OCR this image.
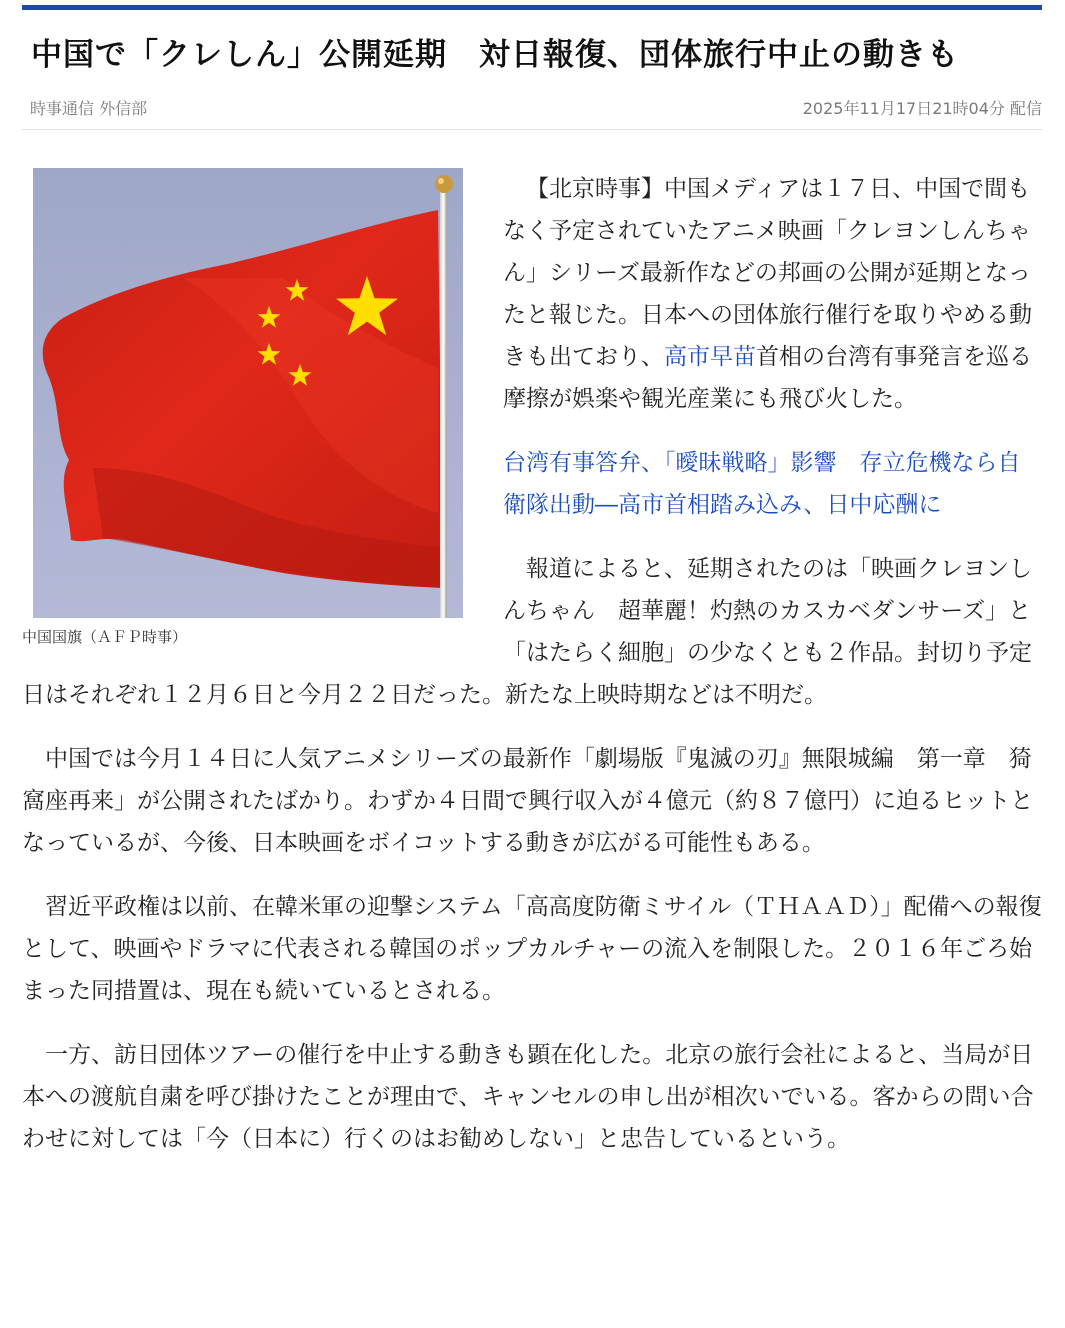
中国で「クレしん」公開延期　対日報復、団体旅行中止の動きも
時事通信 外信部	2025年11月17日21時04分 配信
中国国旗（ＡＦＰ時事）

【北京時事】中国メディアは１７日、中国で間もなく予定されていたアニメ映画「クレヨンしんちゃん」シリーズ最新作などの邦画の公開が延期となったと報じた。日本への団体旅行催行を取りやめる動きも出ており、高市早苗首相の台湾有事発言を巡る摩擦が娯楽や観光産業にも飛び火した。

台湾有事答弁、「曖昧戦略」影響　存立危機なら自衛隊出動―高市首相踏み込み、日中応酬に

報道によると、延期されたのは「映画クレヨンしんちゃん　超華麗！灼熱のカスカベダンサーズ」と「はたらく細胞」の少なくとも２作品。封切り予定日はそれぞれ１２月６日と今月２２日だった。新たな上映時期などは不明だ。

中国では今月１４日に人気アニメシリーズの最新作「劇場版『鬼滅の刃』無限城編　第一章　猗窩座再来」が公開されたばかり。わずか４日間で興行収入が４億元（約８７億円）に迫るヒットとなっているが、今後、日本映画をボイコットする動きが広がる可能性もある。

習近平政権は以前、在韓米軍の迎撃システム「高高度防衛ミサイル（ＴＨＡＡＤ）」配備への報復として、映画やドラマに代表される韓国のポップカルチャーの流入を制限した。２０１６年ごろ始まった同措置は、現在も続いているとされる。

一方、訪日団体ツアーの催行を中止する動きも顕在化した。北京の旅行会社によると、当局が日本への渡航自粛を呼び掛けたことが理由で、キャンセルの申し出が相次いでいる。客からの問い合わせに対しては「今（日本に）行くのはお勧めしない」と忠告しているという。
